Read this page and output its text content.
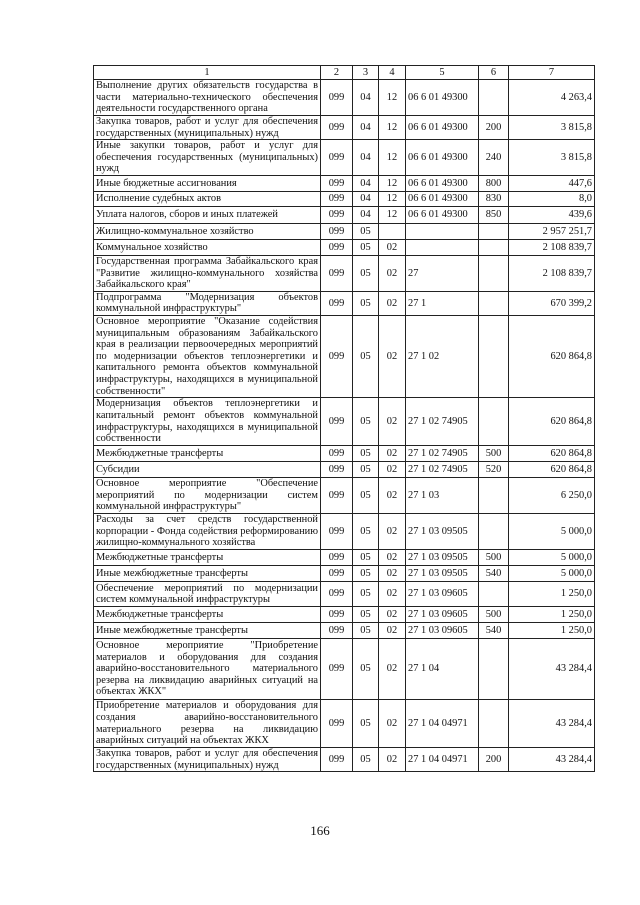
1	2	3	4	5	6	7
Выполнение других обязательств государства в части материально-технического обеспечения деятельности государственного органа	099	04	12	06 6 01 49300		4 263,4
Закупка товаров, работ и услуг для обеспечения государственных (муниципальных) нужд	099	04	12	06 6 01 49300	200	3 815,8
Иные закупки товаров, работ и услуг для обеспечения государственных (муниципальных) нужд	099	04	12	06 6 01 49300	240	3 815,8
Иные бюджетные ассигнования	099	04	12	06 6 01 49300	800	447,6
Исполнение судебных актов	099	04	12	06 6 01 49300	830	8,0
Уплата налогов, сборов и иных платежей	099	04	12	06 6 01 49300	850	439,6
Жилищно-коммунальное хозяйство	099	05				2 957 251,7
Коммунальное хозяйство	099	05	02			2 108 839,7
Государственная программа Забайкальского края "Развитие жилищно-коммунального хозяйства Забайкальского края"	099	05	02	27		2 108 839,7
Подпрограмма "Модернизация объектов коммунальной инфраструктуры"	099	05	02	27 1		670 399,2
Основное мероприятие "Оказание содействия муниципальным образованиям Забайкальского края в реализации первоочередных мероприятий по модернизации объектов теплоэнергетики и капитального ремонта объектов коммунальной инфраструктуры, находящихся в муниципальной собственности"	099	05	02	27 1 02		620 864,8
Модернизация объектов теплоэнергетики и капитальный ремонт объектов коммунальной инфраструктуры, находящихся в муниципальной собственности	099	05	02	27 1 02 74905		620 864,8
Межбюджетные трансферты	099	05	02	27 1 02 74905	500	620 864,8
Субсидии	099	05	02	27 1 02 74905	520	620 864,8
Основное мероприятие "Обеспечение мероприятий по модернизации систем коммунальной инфраструктуры"	099	05	02	27 1 03		6 250,0
Расходы за счет средств государственной корпорации - Фонда содействия реформированию жилищно-коммунального хозяйства	099	05	02	27 1 03 09505		5 000,0
Межбюджетные трансферты	099	05	02	27 1 03 09505	500	5 000,0
Иные межбюджетные трансферты	099	05	02	27 1 03 09505	540	5 000,0
Обеспечение мероприятий по модернизации систем коммунальной инфраструктуры	099	05	02	27 1 03 09605		1 250,0
Межбюджетные трансферты	099	05	02	27 1 03 09605	500	1 250,0
Иные межбюджетные трансферты	099	05	02	27 1 03 09605	540	1 250,0
Основное мероприятие "Приобретение материалов и оборудования для создания аварийно-восстановительного материального резерва на ликвидацию аварийных ситуаций на объектах ЖКХ"	099	05	02	27 1 04		43 284,4
Приобретение материалов и оборудования для создания аварийно-восстановительного материального резерва на ликвидацию аварийных ситуаций на объектах ЖКХ	099	05	02	27 1 04 04971		43 284,4
Закупка товаров, работ и услуг для обеспечения государственных (муниципальных) нужд	099	05	02	27 1 04 04971	200	43 284,4
166
